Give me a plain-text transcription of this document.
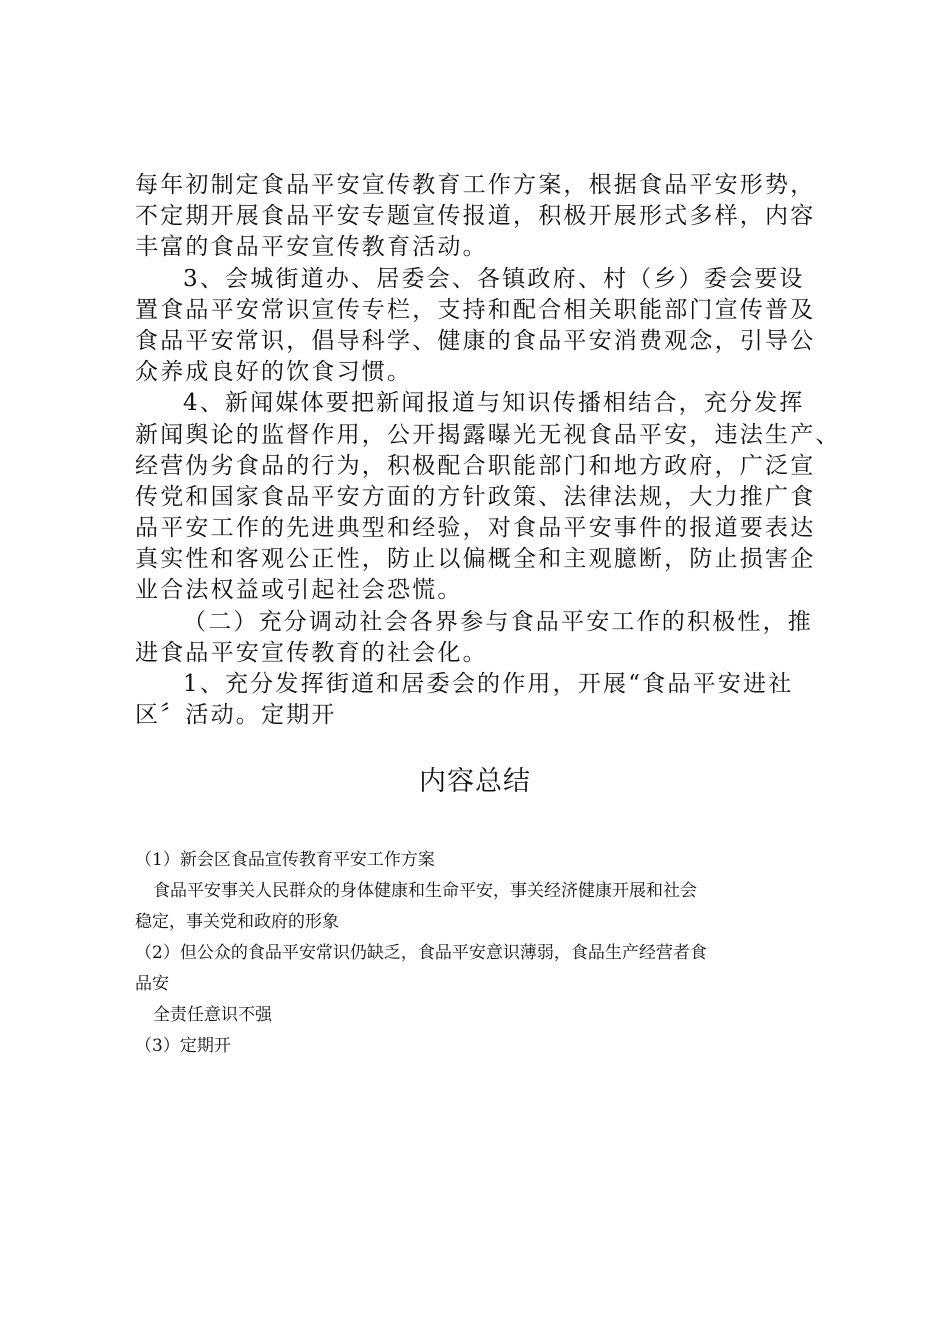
每年初制定食品平安宣传教育工作方案，根据食品平安形势，
不定期开展食品平安专题宣传报道，积极开展形式多样，内容
丰富的食品平安宣传教育活动。
3、会城街道办、居委会、各镇政府、村（乡）委会要设
置食品平安常识宣传专栏，支持和配合相关职能部门宣传普及
食品平安常识，倡导科学、健康的食品平安消费观念，引导公
众养成良好的饮食习惯。
4、新闻媒体要把新闻报道与知识传播相结合，充分发挥
新闻舆论的监督作用，公开揭露曝光无视食品平安，违法生产、
经营伪劣食品的行为，积极配合职能部门和地方政府，广泛宣
传党和国家食品平安方面的方针政策、法律法规，大力推广食
品平安工作的先进典型和经验，对食品平安事件的报道要表达
真实性和客观公正性，防止以偏概全和主观臆断，防止损害企
业合法权益或引起社会恐慌。
（二）充分调动社会各界参与食品平安工作的积极性，推
进食品平安宣传教育的社会化。
1、充分发挥街道和居委会的作用，开展“食品平安进社
区〞活动。定期开
内容总结
（1）新会区食品宣传教育平安工作方案
食品平安事关人民群众的身体健康和生命平安，事关经济健康开展和社会
稳定，事关党和政府的形象
（2）但公众的食品平安常识仍缺乏，食品平安意识薄弱，食品生产经营者食
品安
全责任意识不强
（3）定期开
